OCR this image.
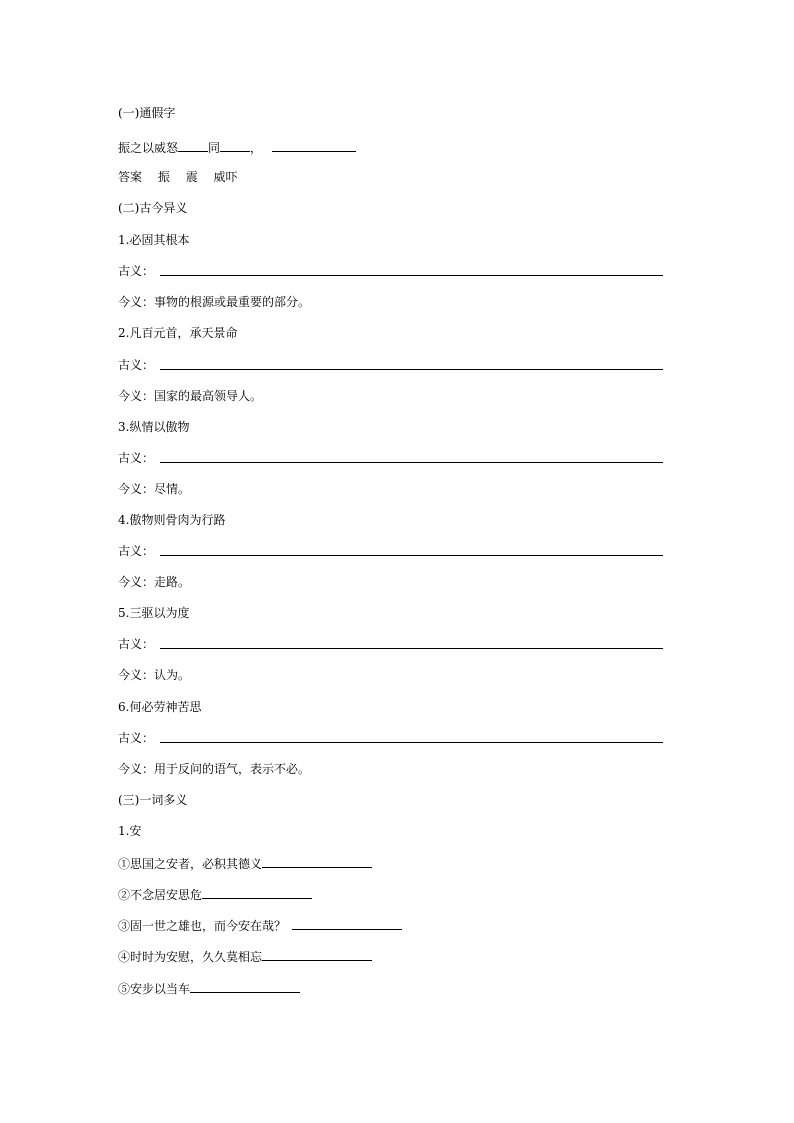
(一)通假字
振之以威怒	同	，
答案 振 震 威吓
(二)古今异义
1.必固其根本
古义：
今义：事物的根源或最重要的部分。
2.凡百元首，承天景命
古义：
今义：国家的最高领导人。
3.纵情以傲物
古义：
今义：尽情。
4.傲物则骨肉为行路
古义：
今义：走路。
5.三驱以为度
古义：
今义：认为。
6.何必劳神苦思
古义：
今义：用于反问的语气，表示不必。
(三)一词多义
1.安
①思国之安者，必积其德义
②不念居安思危
③固一世之雄也，而今安在哉？
④时时为安慰，久久莫相忘
⑤安步以当车
